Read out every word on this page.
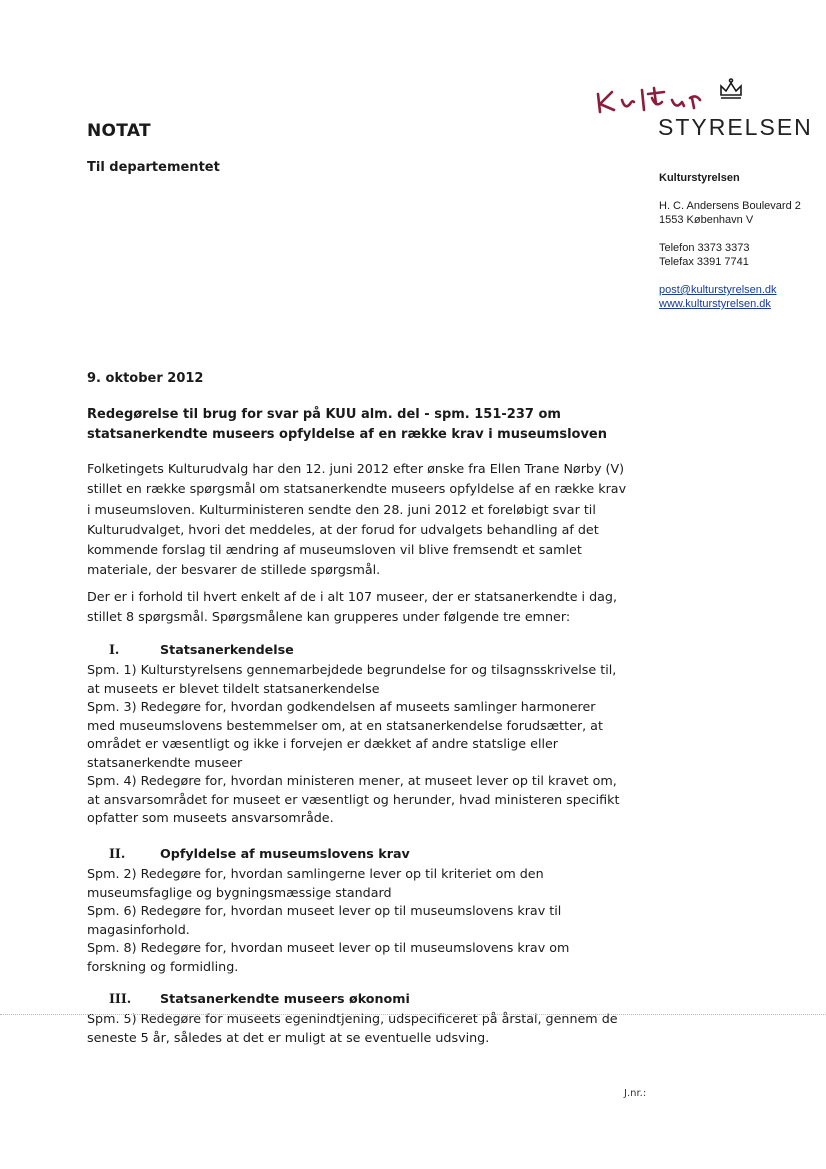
STYRELSEN
NOTAT
Til departementet
Kulturstyrelsen
H. C. Andersens Boulevard 2
1553 København V
Telefon 3373 3373
Telefax 3391 7741
post@kulturstyrelsen.dk
www.kulturstyrelsen.dk
9. oktober 2012
Redegørelse til brug for svar på KUU alm. del - spm. 151-237 om statsanerkendte museers opfyldelse af en række krav i museumsloven
Folketingets Kulturudvalg har den 12. juni 2012 efter ønske fra Ellen Trane Nørby (V) stillet en række spørgsmål om statsanerkendte museers opfyldelse af en række krav i museumsloven. Kulturministeren sendte den 28. juni 2012 et foreløbigt svar til Kulturudvalget, hvori det meddeles, at der forud for udvalgets behandling af det kommende forslag til ændring af museumsloven vil blive fremsendt et samlet materiale, der besvarer de stillede spørgsmål.
Der er i forhold til hvert enkelt af de i alt 107 museer, der er statsanerkendte i dag, stillet 8 spørgsmål. Spørgsmålene kan grupperes under følgende tre emner:
I.	Statsanerkendelse
Spm. 1) Kulturstyrelsens gennemarbejdede begrundelse for og tilsagnsskrivelse til, at museets er blevet tildelt statsanerkendelse
Spm. 3) Redegøre for, hvordan godkendelsen af museets samlinger harmonerer med museumslovens bestemmelser om, at en statsanerkendelse forudsætter, at området er væsentligt og ikke i forvejen er dækket af andre statslige eller statsanerkendte museer
Spm. 4) Redegøre for, hvordan ministeren mener, at museet lever op til kravet om, at ansvarsområdet for museet er væsentligt og herunder, hvad ministeren specifikt opfatter som museets ansvarsområde.
II.	Opfyldelse af museumslovens krav
Spm. 2) Redegøre for, hvordan samlingerne lever op til kriteriet om den museumsfaglige og bygningsmæssige standard
Spm. 6) Redegøre for, hvordan museet lever op til museumslovens krav til magasinforhold.
Spm. 8) Redegøre for, hvordan museet lever op til museumslovens krav om forskning og formidling.
III. Statsanerkendte museers økonomi
Spm. 5) Redegøre for museets egenindtjening, udspecificeret på årstal, gennem de seneste 5 år, således at det er muligt at se eventuelle udsving.
J.nr.:
